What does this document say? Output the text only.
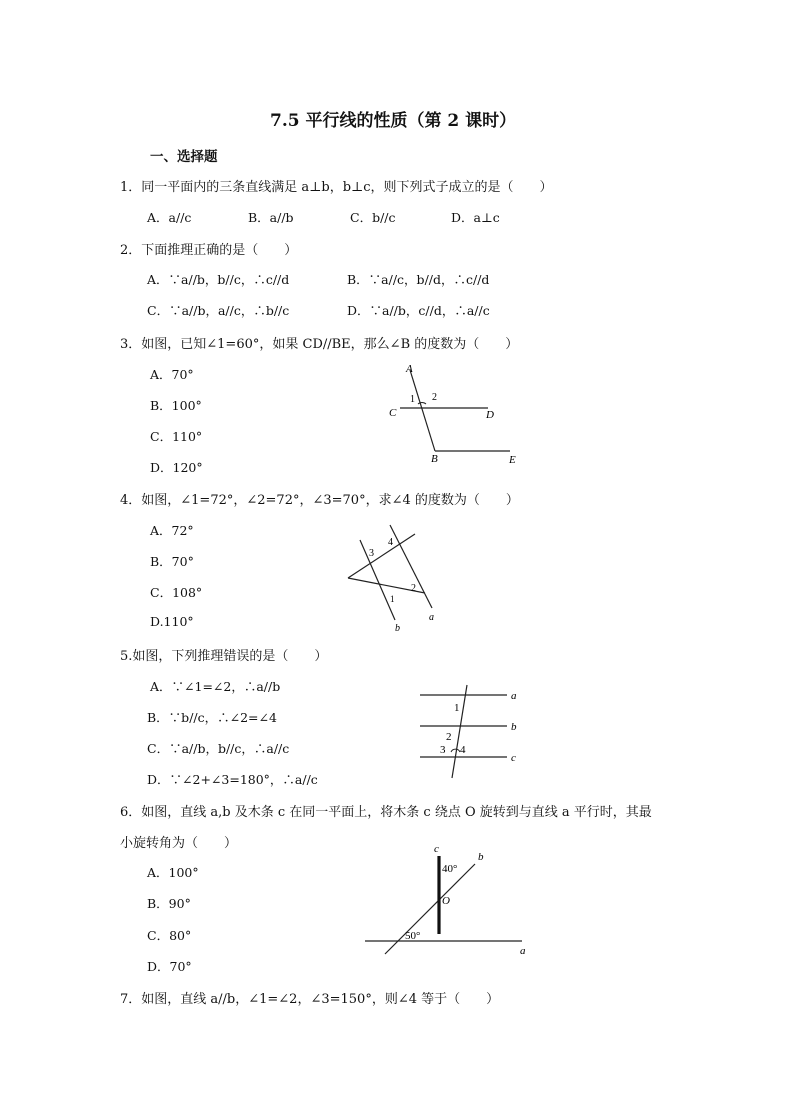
7.5 平行线的性质（第 2 课时）
一、选择题
1．同一平面内的三条直线满足 a⊥b，b⊥c，则下列式子成立的是（　　）
A．a//c	B．a//b	C．b//c	D．a⊥c
2．下面推理正确的是（　　）
A．∵a//b，b//c，∴c//d	B．∵a//c，b//d，∴c//d
C．∵a//b，a//c，∴b//c	D．∵a//b，c//d，∴a//c
3．如图，已知∠1=60°，如果 CD//BE，那么∠B 的度数为（　　）
A．70°
B．100°
C．110°
D．120°
A
1 2
C	D
B	E
4．如图，∠1=72°，∠2=72°，∠3=70°，求∠4 的度数为（　　）
A．72°
B．70°
C．108°
D.110°
3
4
2
1
b
a
5.如图，下列推理错误的是（　　）
A．∵∠1=∠2，∴a//b
B．∵b//c，∴∠2=∠4
C．∵a//b，b//c，∴a//c
D．∵∠2+∠3=180°，∴a//c
a
1
b
2
3 4
c
6．如图，直线 a,b 及木条 c 在同一平面上，将木条 c 绕点 O 旋转到与直线 a 平行时，其最
小旋转角为（　　）
A．100°
B．90°
C．80°
D．70°
c
b
40°
O
50°
a
7．如图，直线 a//b，∠1=∠2，∠3=150°，则∠4 等于（　　）
